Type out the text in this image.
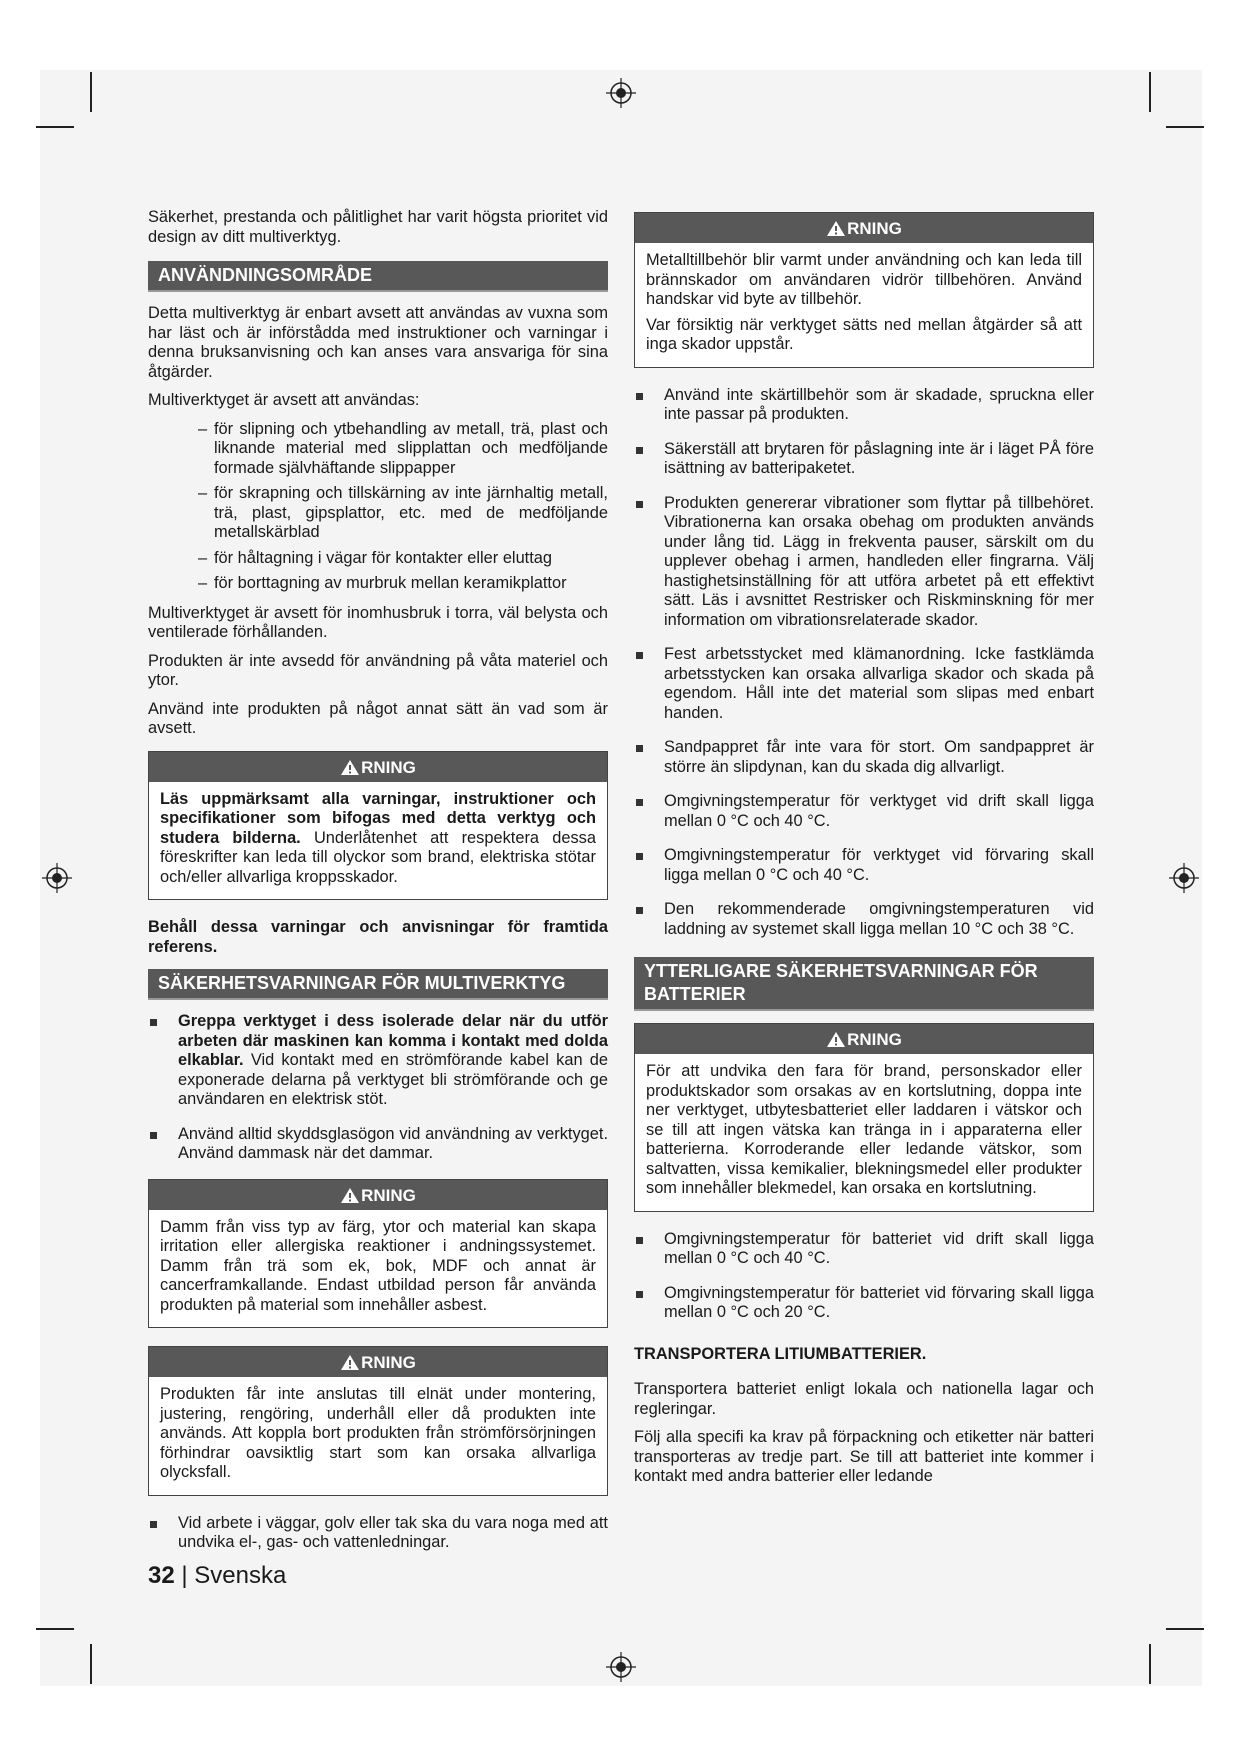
Säkerhet, prestanda och pålitlighet har varit högsta prioritet vid design av ditt multiverktyg.

ANVÄNDNINGSOMRÅDE

Detta multiverktyg är enbart avsett att användas av vuxna som har läst och är införstådda med instruktioner och varningar i denna bruksanvisning och kan anses vara ansvariga för sina åtgärder.

Multiverktyget är avsett att användas:

– för slipning och ytbehandling av metall, trä, plast och liknande material med slipplattan och medföljande formade självhäftande slippapper
– för skrapning och tillskärning av inte järnhaltig metall, trä, plast, gipsplattor, etc. med de medföljande metallskärblad
– för håltagning i vägar för kontakter eller eluttag
– för borttagning av murbruk mellan keramikplattor

Multiverktyget är avsett för inomhusbruk i torra, väl belysta och ventilerade förhållanden.

Produkten är inte avsedd för användning på våta materiel och ytor.

Använd inte produkten på något annat sätt än vad som är avsett.

RNING

Läs uppmärksamt alla varningar, instruktioner och specifikationer som bifogas med detta verktyg och studera bilderna. Underlåtenhet att respektera dessa föreskrifter kan leda till olyckor som brand, elektriska stötar och/eller allvarliga kroppsskador.

Behåll dessa varningar och anvisningar för framtida referens.

SÄKERHETSVARNINGAR FÖR MULTIVERKTYG
Greppa verktyget i dess isolerade delar när du utför arbeten där maskinen kan komma i kontakt med dolda elkablar. Vid kontakt med en strömförande kabel kan de exponerade delarna på verktyget bli strömförande och ge användaren en elektrisk stöt.
Använd alltid skyddsglasögon vid användning av verktyget. Använd dammask när det dammar.
RNING

Damm från viss typ av färg, ytor och material kan skapa irritation eller allergiska reaktioner i andningssystemet. Damm från trä som ek, bok, MDF och annat är cancerframkallande. Endast utbildad person får använda produkten på material som innehåller asbest.

RNING

Produkten får inte anslutas till elnät under montering, justering, rengöring, underhåll eller då produkten inte används. Att koppla bort produkten från strömförsörjningen förhindrar oavsiktlig start som kan orsaka allvarliga olycksfall.

Vid arbete i väggar, golv eller tak ska du vara noga med att undvika el-, gas- och vattenledningar.
RNING

Metalltillbehör blir varmt under användning och kan leda till brännskador om användaren vidrör tillbehören. Använd handskar vid byte av tillbehör.

Var försiktig när verktyget sätts ned mellan åtgärder så att inga skador uppstår.

Använd inte skärtillbehör som är skadade, spruckna eller inte passar på produkten.
Säkerställ att brytaren för påslagning inte är i läget PÅ före isättning av batteripaketet.
Produkten genererar vibrationer som flyttar på tillbehöret. Vibrationerna kan orsaka obehag om produkten används under lång tid. Lägg in frekventa pauser, särskilt om du upplever obehag i armen, handleden eller fingrarna. Välj hastighetsinställning för att utföra arbetet på ett effektivt sätt. Läs i avsnittet Restrisker och Riskminskning för mer information om vibrationsrelaterade skador.
Fest arbetsstycket med klämanordning. Icke fastklämda arbetsstycken kan orsaka allvarliga skador och skada på egendom. Håll inte det material som slipas med enbart handen.
Sandpappret får inte vara för stort. Om sandpappret är större än slipdynan, kan du skada dig allvarligt.
Omgivningstemperatur för verktyget vid drift skall ligga mellan 0 °C och 40 °C.
Omgivningstemperatur för verktyget vid förvaring skall ligga mellan 0 °C och 40 °C.
Den rekommenderade omgivningstemperaturen vid laddning av systemet skall ligga mellan 10 °C och 38 °C.
YTTERLIGARE SÄKERHETSVARNINGAR FÖR BATTERIER
RNING

För att undvika den fara för brand, personskador eller produktskador som orsakas av en kortslutning, doppa inte ner verktyget, utbytesbatteriet eller laddaren i vätskor och se till att ingen vätska kan tränga in i apparaterna eller batterierna. Korroderande eller ledande vätskor, som saltvatten, vissa kemikalier, blekningsmedel eller produkter som innehåller blekmedel, kan orsaka en kortslutning.

Omgivningstemperatur för batteriet vid drift skall ligga mellan 0 °C och 40 °C.
Omgivningstemperatur för batteriet vid förvaring skall ligga mellan 0 °C och 20 °C.

TRANSPORTERA LITIUMBATTERIER.

Transportera batteriet enligt lokala och nationella lagar och regleringar.

Följ alla specifi ka krav på förpackning och etiketter när batteri transporteras av tredje part. Se till att batteriet inte kommer i kontakt med andra batterier eller ledande

32 | Svenska
